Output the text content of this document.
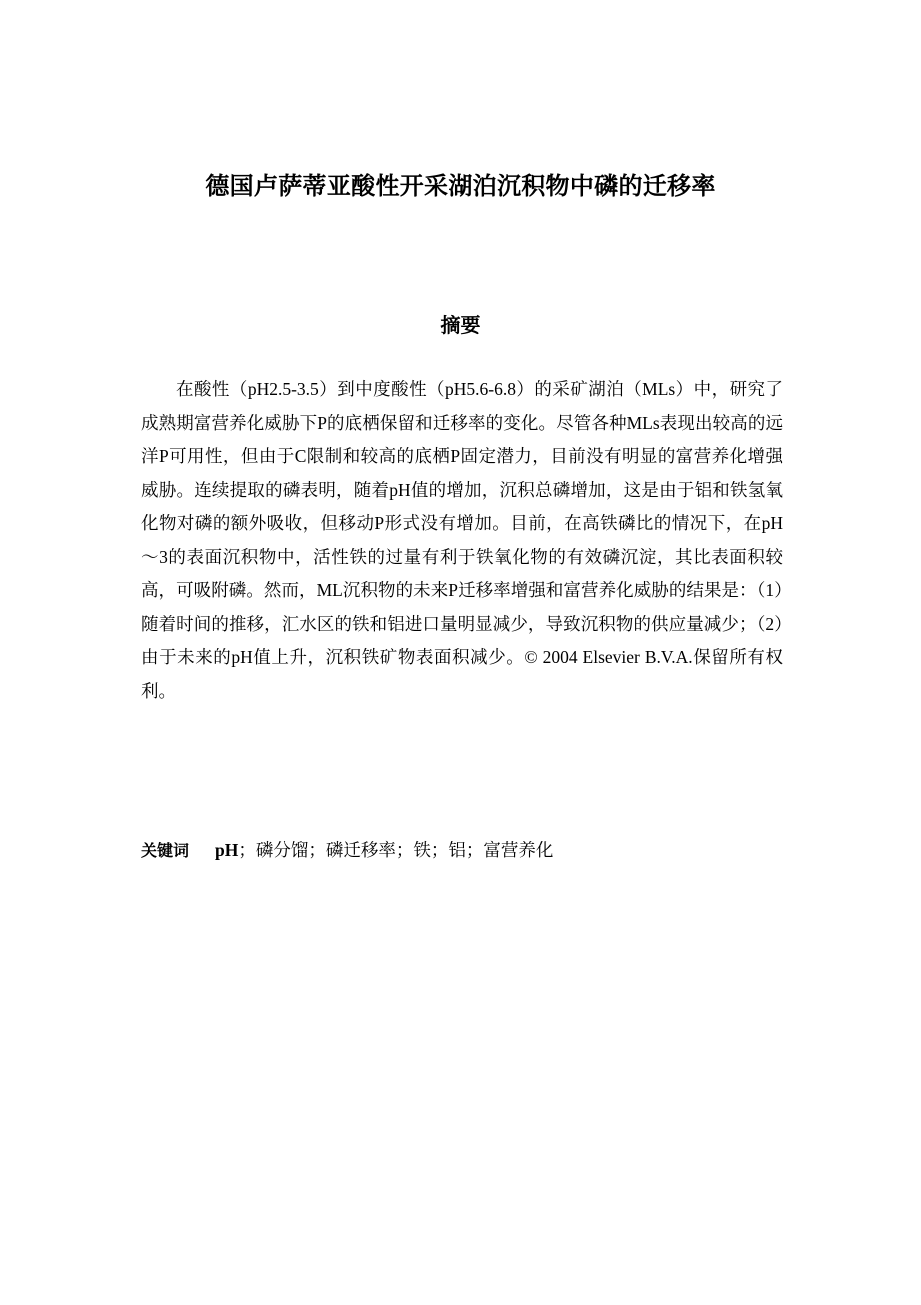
德国卢萨蒂亚酸性开采湖泊沉积物中磷的迁移率
摘要

在酸性（pH2.5-3.5）到中度酸性（pH5.6-6.8）的采矿湖泊（MLs）中，研究了成熟期富营养化威胁下P的底栖保留和迁移率的变化。尽管各种MLs表现出较高的远洋P可用性，但由于C限制和较高的底栖P固定潜力，目前没有明显的富营养化增强威胁。连续提取的磷表明，随着pH值的增加，沉积总磷增加，这是由于铝和铁氢氧化物对磷的额外吸收，但移动P形式没有增加。目前，在高铁磷比的情况下，在pH～3的表面沉积物中，活性铁的过量有利于铁氧化物的有效磷沉淀，其比表面积较高，可吸附磷。然而，ML沉积物的未来P迁移率增强和富营养化威胁的结果是：（1）随着时间的推移，汇水区的铁和铝进口量明显减少，导致沉积物的供应量减少；（2）由于未来的pH值上升，沉积铁矿物表面积减少。© 2004 Elsevier B.V.A.保留所有权利。

关键词 pH；磷分馏；磷迁移率；铁；铝；富营养化
